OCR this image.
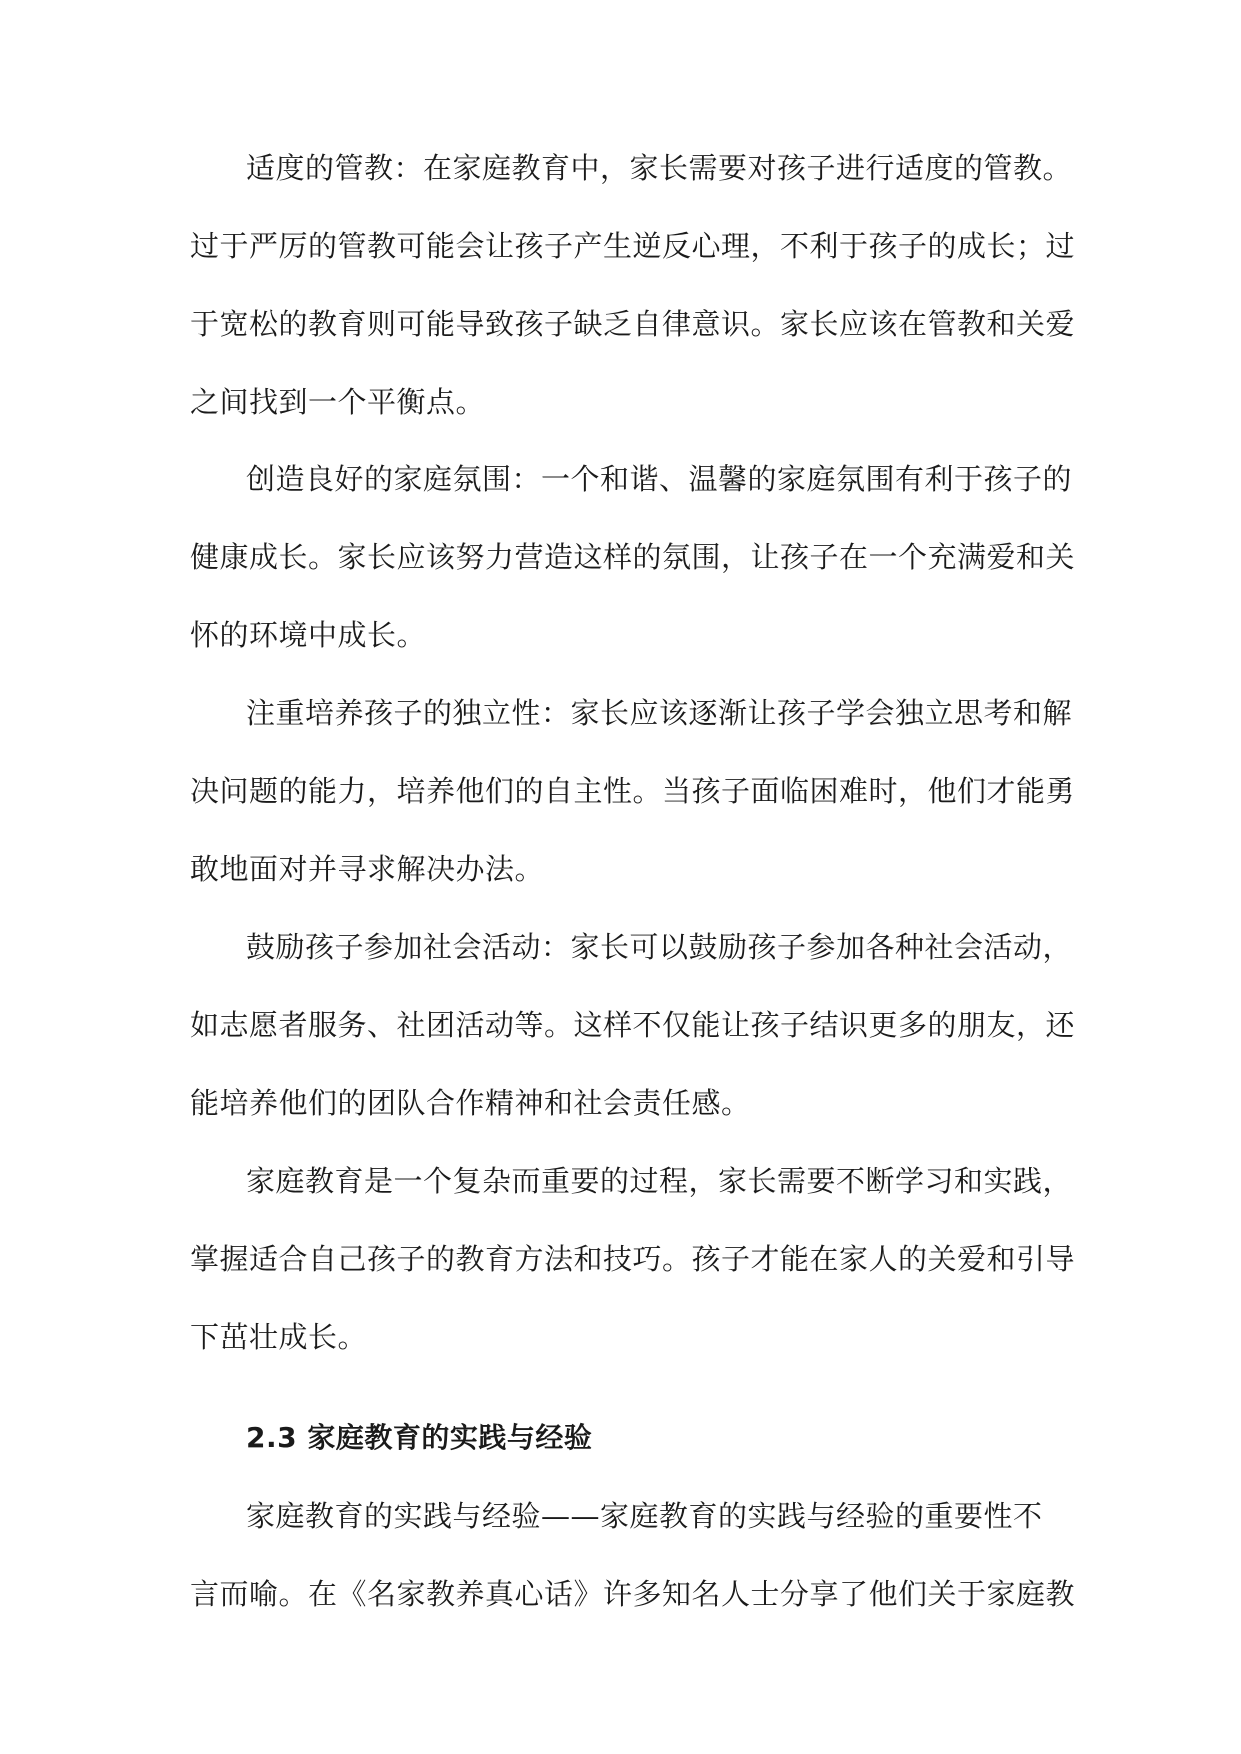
适度的管教：在家庭教育中，家长需要对孩子进行适度的管教。
过于严厉的管教可能会让孩子产生逆反心理，不利于孩子的成长；过
于宽松的教育则可能导致孩子缺乏自律意识。家长应该在管教和关爱
之间找到一个平衡点。
创造良好的家庭氛围：一个和谐、温馨的家庭氛围有利于孩子的
健康成长。家长应该努力营造这样的氛围，让孩子在一个充满爱和关
怀的环境中成长。
注重培养孩子的独立性：家长应该逐渐让孩子学会独立思考和解
决问题的能力，培养他们的自主性。当孩子面临困难时，他们才能勇
敢地面对并寻求解决办法。
鼓励孩子参加社会活动：家长可以鼓励孩子参加各种社会活动，
如志愿者服务、社团活动等。这样不仅能让孩子结识更多的朋友，还
能培养他们的团队合作精神和社会责任感。
家庭教育是一个复杂而重要的过程，家长需要不断学习和实践，
掌握适合自己孩子的教育方法和技巧。孩子才能在家人的关爱和引导
下茁壮成长。
2.3 家庭教育的实践与经验
家庭教育的实践与经验——家庭教育的实践与经验的重要性不
言而喻。在《名家教养真心话》许多知名人士分享了他们关于家庭教
